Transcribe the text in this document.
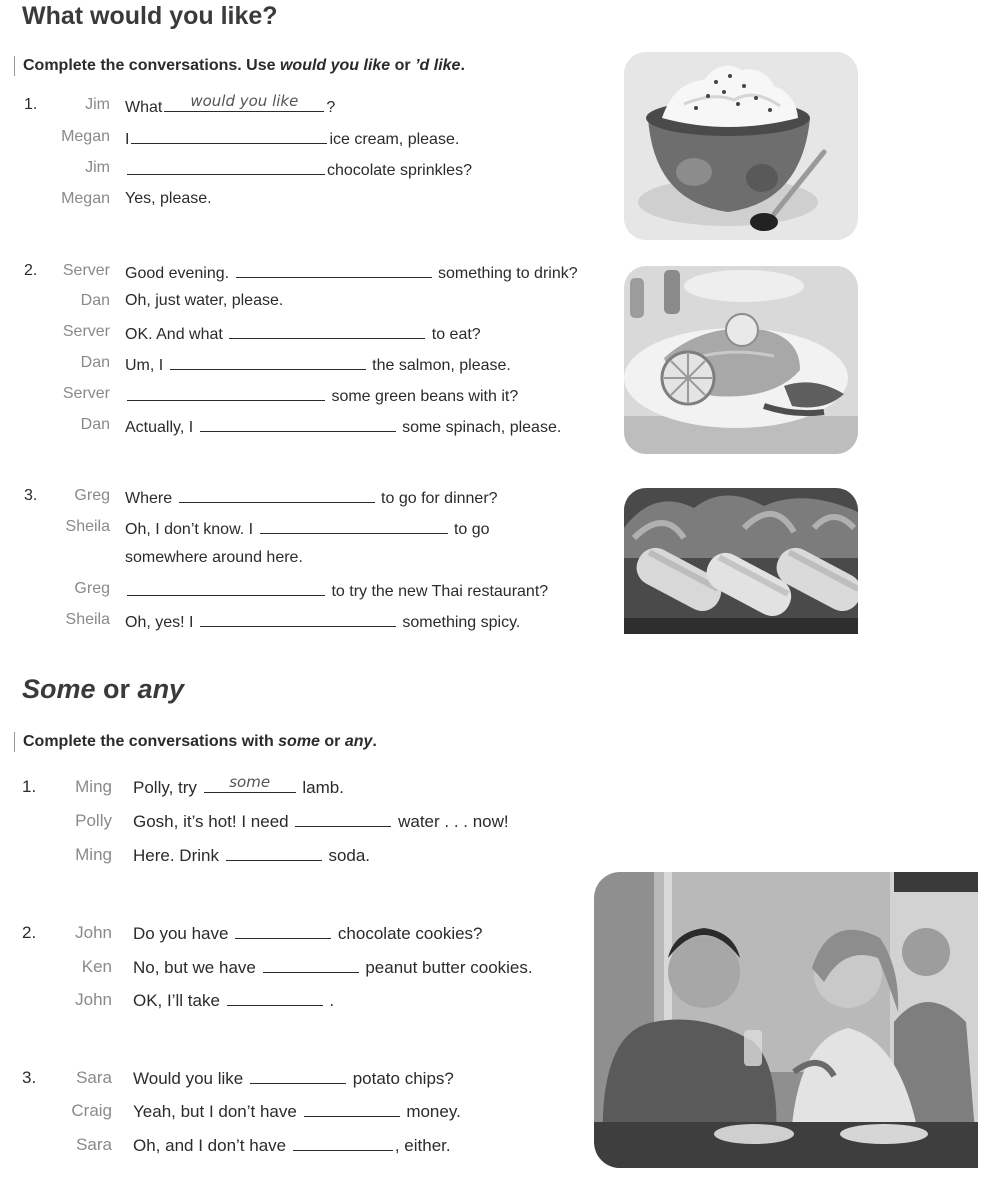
What would you like?
Complete the conversations. Use would you like or ’d like.
1.	Jim What
would you like	?
Megan I	ice cream, please.
Jim	chocolate sprinkles?
Megan Yes, please.
2.	Server Good evening.	something to drink?
Dan Oh, just water, please.
Server OK. And what	to eat?
Dan Um, I	the salmon, please.
Server	some green beans with it?
Dan Actually, I	some spinach, please.
3.	Greg Where	to go for dinner?
Sheila Oh, I don’t know. I	to go
somewhere around here.
Greg	to try the new Thai restaurant?
Sheila Oh, yes! I	something spicy.
Some or any
Complete the conversations with some or any.
1.	Ming Polly, try
some	lamb.
Polly Gosh, it’s hot! I need	water . . . now!
Ming Here. Drink	soda.
2.	John Do you have	chocolate cookies?
Ken No, but we have	peanut butter cookies.
John OK, I’ll take	.
3.	Sara Would you like	potato chips?
Craig Yeah, but I don’t have	money.
Sara Oh, and I don’t have	, either.
